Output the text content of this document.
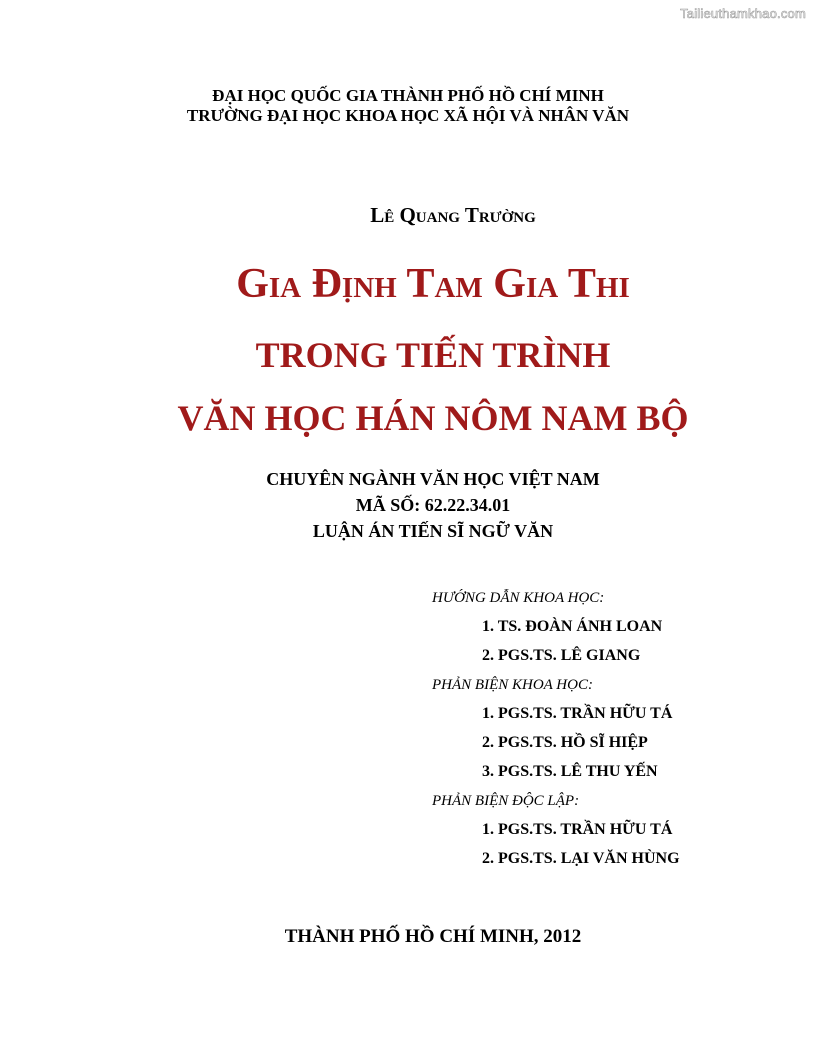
Tailieuthamkhao.com
ĐẠI HỌC QUỐC GIA THÀNH PHỐ HỒ CHÍ MINH
TRƯỜNG ĐẠI HỌC KHOA HỌC XÃ HỘI VÀ NHÂN VĂN
Lê Quang Trường
Gia Định Tam Gia Thi
TRONG TIẾN TRÌNH
VĂN HỌC HÁN NÔM NAM BỘ
CHUYÊN NGÀNH VĂN HỌC VIỆT NAM
MÃ SỐ: 62.22.34.01
LUẬN ÁN TIẾN SĨ NGỮ VĂN
HƯỚNG DẪN KHOA HỌC:
1. TS. ĐOÀN ÁNH LOAN
2. PGS.TS. LÊ GIANG
PHẢN BIỆN KHOA HỌC:
1. PGS.TS. TRẦN HỮU TÁ
2. PGS.TS. HỒ SĨ HIỆP
3. PGS.TS. LÊ THU YẾN
PHẢN BIỆN ĐỘC LẬP:
1. PGS.TS. TRẦN HỮU TÁ
2. PGS.TS. LẠI VĂN HÙNG
THÀNH PHỐ HỒ CHÍ MINH, 2012
